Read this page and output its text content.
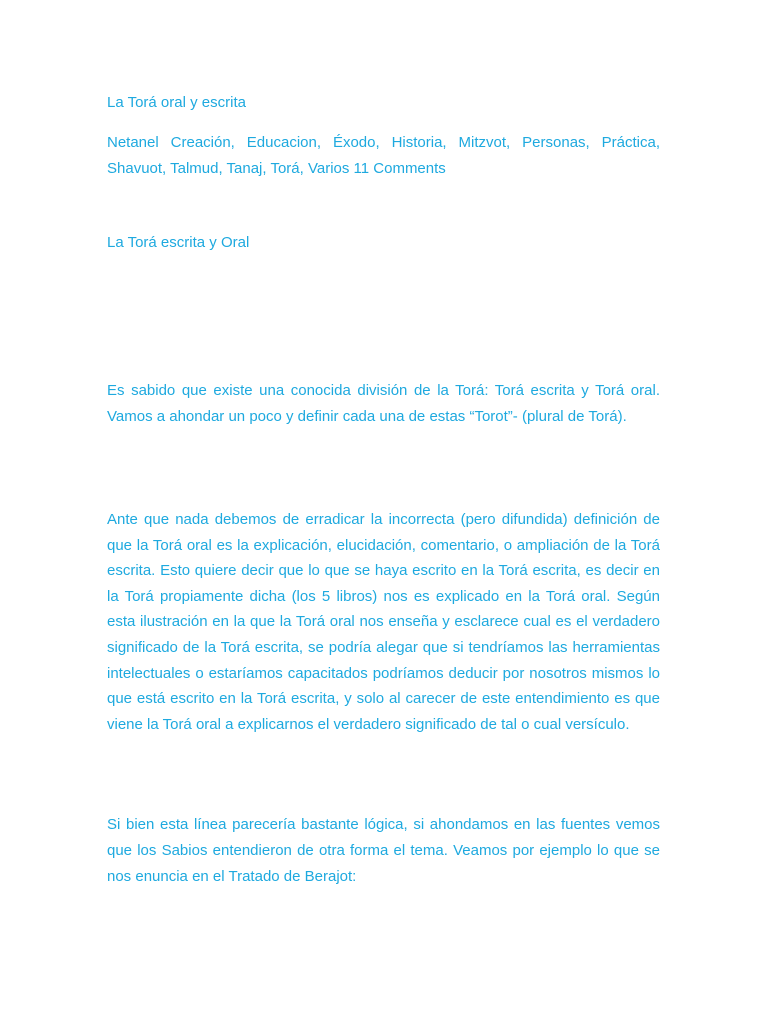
La Torá oral y escrita
Netanel Creación, Educacion, Éxodo, Historia, Mitzvot, Personas, Práctica, Shavuot, Talmud, Tanaj, Torá, Varios 11 Comments
La Torá escrita y Oral
Es sabido que existe una conocida división de la Torá: Torá escrita y Torá oral. Vamos a ahondar un poco y definir cada una de estas “Torot”- (plural de Torá).
Ante que nada debemos de erradicar la incorrecta (pero difundida) definición de que la Torá oral es la explicación, elucidación, comentario, o ampliación de la Torá escrita. Esto quiere decir que lo que se haya escrito en la Torá escrita, es decir en la Torá propiamente dicha (los 5 libros) nos es explicado en la Torá oral. Según esta ilustración en la que la Torá oral nos enseña y esclarece cual es el verdadero significado de la Torá escrita, se podría alegar que si tendríamos las herramientas intelectuales o estaríamos capacitados podríamos deducir por nosotros mismos lo que está escrito en la Torá escrita, y solo al carecer de este entendimiento es que viene la Torá oral a explicarnos el verdadero significado de tal o cual versículo.
Si bien esta línea parecería bastante lógica, si ahondamos en las fuentes vemos que los Sabios entendieron de otra forma el tema. Veamos por ejemplo lo que se nos enuncia en el Tratado de Berajot:
